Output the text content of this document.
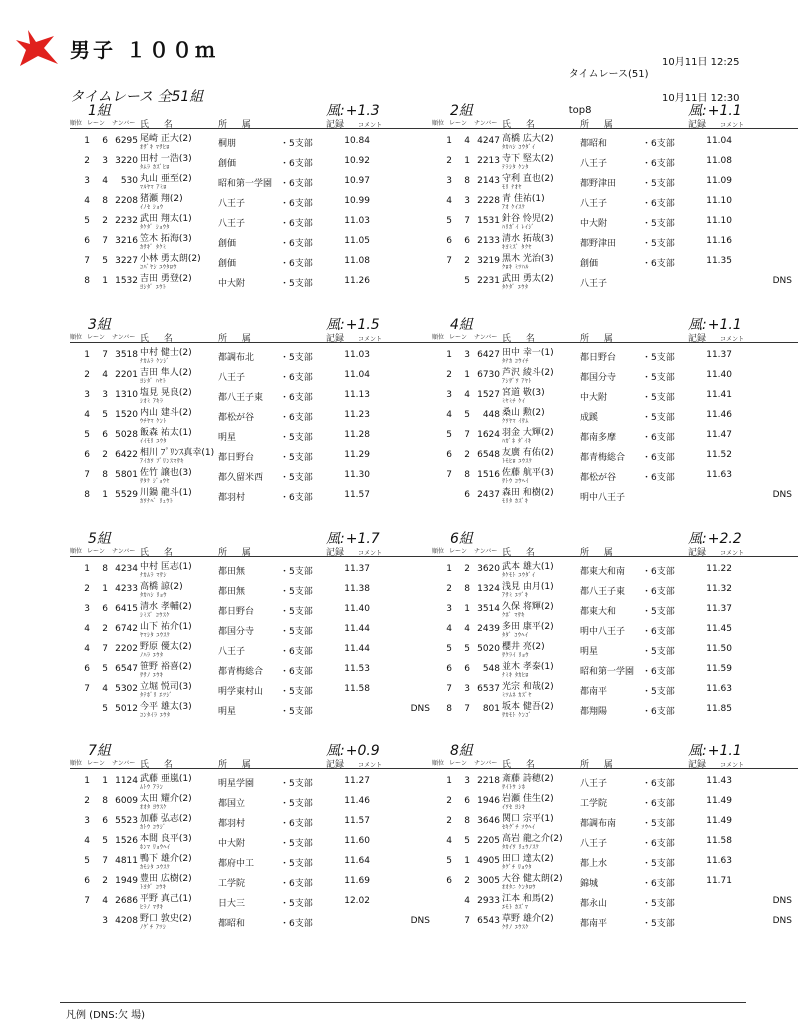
男子 １００ｍ

タイムレース(51)

10月11日 12:25

top8

10月11日 12:30

タイムレース 全51組
1組	風:+1.3
順位 レーン ナンバー 氏 名	所 属	記録 コメント
1	6 6295 尾崎 正大(2)
ｵｻﾞｷ ﾏｻﾋﾛ	桐朋	・5支部	10.84
2	3 3220 田村 一浩(3)
ﾀﾑﾗ ｶｽﾞﾋﾛ	創価	・6支部	10.92
3	4	530 丸山 亜至(2)
ﾏﾙﾔﾏ ｱﾐﾛ	昭和第一学園 ・6支部	10.97
4	8 2208 猪瀬 翔(2)
ｲﾉｾ ｼｮｳ	八王子	・6支部	10.99
5	2 2232 武田 翔太(1)
ﾀｹﾀﾞ ｼｮｳﾀ	八王子	・6支部	11.03
6	7 3216 笠木 拓海(3)
ｶｻｷﾞ ﾀｸﾐ	創価	・6支部	11.05
7	5 3227 小林 勇太朗(2)
ｺﾊﾞﾔｼ ﾕｳﾀﾛｳ	創価	・6支部	11.08
8	1 1532 吉田 勇登(2)
ﾖｼﾀﾞ ﾕｳﾄ	中大附	・5支部	11.26
2組	風:+1.1
順位 レーン ナンバー 氏 名	所 属	記録 コメント
1	4 4247 高橋 広大(2)
ﾀｶﾊｼ ｺｳﾀﾞｲ	都昭和	・6支部	11.04
2	1 2213 寺下 堅太(2)
ﾃﾗｼﾀ ｹﾝﾀ	八王子	・6支部	11.08
3	8 2143 守利 直也(2)
ﾓﾘ ﾅｵﾔ	都野津田	・5支部	11.09
4	3 2228 青 佳祐(1)
ｱｵ ｹｲｽｹ	八王子	・6支部	11.10
5	7 1531 針谷 怜児(2)
ﾊﾘｶﾞｲ ﾚｲｼﾞ	中大附	・5支部	11.10
6	6 2133 清水 拓哉(3)
ｷﾖﾐｽﾞ ﾀｸﾔ	都野津田	・5支部	11.16
7	2 3219 黒木 光治(3)
ｸﾛｷ ﾐﾂﾊﾙ	創価	・6支部	11.35
5 2231 武田 勇太(2)
ﾀｹﾀﾞ ﾕｳﾀ	八王子	DNS
3組	風:+1.5
順位 レーン ナンバー 氏 名	所 属	記録 コメント
1	7 3518 中村 健士(2)
ﾅｶﾑﾗ ｹﾝｼﾞ	都調布北	・5支部	11.03
2	4 2201 吉田 隼人(2)
ﾖｼﾀﾞ ﾊﾔﾄ	八王子	・6支部	11.04
3	3 1310 塩見 晃良(2)
ｼｵﾐ ｱｷﾗ	都八王子東 ・6支部	11.13
4	5 1520 内山 建斗(2)
ｳﾁﾔﾏ ｹﾝﾄ	都松が谷	・6支部	11.23
5	6 5028 飯森 祐太(1)
ｲｲﾓﾘ ﾕｳﾀ	明星	・5支部	11.28
6	2 6422 相川 ﾌﾟﾘﾝｽ真幸(1)
ｱｲｶﾜ ﾌﾟﾘﾝｽﾏｻｷ	都日野台	・5支部	11.29
7	8 5801 佐竹 譲也(3)
ｻﾀｹ ｼﾞｮｳﾔ	都久留米西 ・5支部	11.30
8	1 5529 川鍋 龍斗(1)
ｶﾜﾅﾍﾞ ﾘｭｳﾄ	都羽村	・6支部	11.57
4組	風:+1.1
順位 レーン ナンバー 氏 名	所 属	記録 コメント
1	3 6427 田中 幸一(1)
ﾀﾅｶ ｺｳｲﾁ	都日野台	・5支部	11.37
2	1 6730 芦沢 綾斗(2)
ｱｼｻﾞﾜ ｱﾔﾄ	都国分寺	・5支部	11.40
3	4 1527 宮道 敬(3)
ﾐﾔﾐﾁ ｹｲ	中大附	・5支部	11.41
4	5	448 桑山 勲(2)
ｸﾜﾔﾏ ｲｻﾑ	成蹊	・5支部	11.46
5	7 1624 羽金 大輝(2)
ﾊｶﾞﾈ ﾀﾞｲｷ	都南多摩	・6支部	11.47
6	2 6548 友廣 有佑(2)
ﾄﾓﾋﾛ ﾕｳｽｹ	都青梅総合 ・6支部	11.52
7	8 1516 佐藤 航平(3)
ｻﾄｳ ｺｳﾍｲ	都松が谷	・6支部	11.63
6 2437 森田 和樹(2)
ﾓﾘﾀ ｶｽﾞｷ	明中八王子	DNS
5組	風:+1.7
順位 レーン ナンバー 氏 名	所 属	記録 コメント
1	8 4234 中村 匡志(1)
ﾅｶﾑﾗ ﾏｻｼ	都田無	・5支部	11.37
2	1 4233 高橋 諒(2)
ﾀｶﾊｼ ﾘｮｳ	都田無	・5支部	11.38
3	6 6415 清水 孝輔(2)
ｼﾐｽﾞ ｺｳｽｹ	都日野台	・5支部	11.40
4	2 6742 山下 祐介(1)
ﾔﾏｼﾀ ﾕｳｽｹ	都国分寺	・5支部	11.44
4	7 2202 野原 優太(2)
ﾉﾊﾗ ﾕｳﾀ	八王子	・6支部	11.44
6	5 6547 笹野 裕喜(2)
ｻｻﾉ ﾕｳｷ	都青梅総合 ・6支部	11.53
7	4 5302 立堀 悦司(3)
ﾀﾃﾎﾞﾘ ｴﾂｼﾞ	明学東村山 ・5支部	11.58
5 5012 今平 雄太(3)
ｺﾝﾀｲﾗ ﾕｳﾀ	明星	・5支部	DNS
6組	風:+2.2
順位 レーン ナンバー 氏 名	所 属	記録 コメント
1	2 3620 武本 雄大(1)
ﾀｹﾓﾄ ﾕｳﾀﾞｲ	都東大和南 ・6支部	11.22
2	8 1324 浅見 由月(1)
ｱｻﾐ ﾕﾂﾞｷ	都八王子東 ・6支部	11.32
3	1 3514 久保 将輝(2)
ｸﾎﾞ ﾏｻｷ	都東大和	・5支部	11.37
4	4 2439 多田 康平(2)
ﾀﾀﾞ ｺｳﾍｲ	明中八王子 ・6支部	11.45
5	5 5020 櫻井 亮(2)
ｻｸﾗｲ ﾘｮｳ	明星	・5支部	11.50
6	6	548 並木 孝泰(1)
ﾅﾐｷ ﾀｶﾋﾛ	昭和第一学園 ・6支部	11.59
7	3 6537 光宗 和哉(2)
ﾐﾂﾑﾈ ｶｽﾞﾔ	都南平	・5支部	11.63
8	7	801 坂本 健吾(2)
ｻｶﾓﾄ ｹﾝｺﾞ	都翔陽	・6支部	11.85
7組	風:+0.9
順位 レーン ナンバー 氏 名	所 属	記録 コメント
1	1 1124 武藤 亜嵐(1)
ﾑﾄｳ ｱﾗﾝ	明星学園	・5支部	11.27
2	8 6009 太田 耀介(2)
ｵｵﾀ ﾖｳｽｹ	都国立	・5支部	11.46
3	6 5523 加藤 弘志(2)
ｶﾄｳ ｺｳｼﾞ	都羽村	・6支部	11.57
4	5 1526 本間 良平(3)
ﾎﾝﾏ ﾘｮｳﾍｲ	中大附	・5支部	11.60
5	7 4811 鴨下 雄介(2)
ｶﾓｼﾀ ﾕｳｽｹ	都府中工	・5支部	11.64
6	2 1949 豊田 広樹(2)
ﾄﾖﾀﾞ ｺｳｷ	工学院	・6支部	11.69
7	4 2686 平野 真己(1)
ﾋﾗﾉ ﾏｻｷ	日大三	・5支部	12.02
3 4208 野口 敦史(2)
ﾉｸﾞﾁ ｱﾂｼ	都昭和	・6支部	DNS
8組	風:+1.1
順位 レーン ナンバー 氏 名	所 属	記録 コメント
1	3 2218 斎藤 詩穂(2)
ｻｲﾄｳ ｼﾎ	八王子	・6支部	11.43
2	6 1946 岩瀬 佳生(2)
ｲﾜｾ ﾖｼｷ	工学院	・6支部	11.49
2	8 3646 関口 宗平(1)
ｾｷｸﾞﾁ ｿｳﾍｲ	都調布南	・5支部	11.49
4	5 2205 高岩 龍之介(2)
ﾀｶｲﾜ ﾘｭｳﾉｽｹ	八王子	・6支部	11.58
5	1 4905 田口 達太(2)
ﾀｸﾞﾁ ﾘｮｳﾀ	都上水	・5支部	11.63
6	2 3005 大谷 健太朗(2)
ｵｵﾀﾆ ｹﾝﾀﾛｳ	錦城	・6支部	11.71
4 2933 江本 和馬(2)
ｴﾓﾄ ｶｽﾞﾏ	都永山	・5支部	DNS
7 6543 草野 雄介(2)
ｸｻﾉ ﾕｳｽｹ	都南平	・5支部	DNS
凡例 (DNS:欠 場)
